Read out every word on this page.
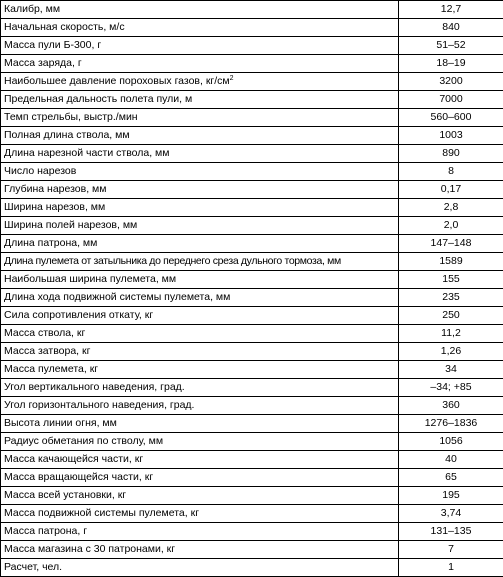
Калибр, мм	12,7
Начальная скорость, м/с	840
Масса пули Б-300, г	51–52
Масса заряда, г	18–19
Наибольшее давление пороховых газов, $кг/см^2$	3200
Предельная дальность полета пули, м	7000
Темп стрельбы, выстр./мин	560–600
Полная длина ствола, мм	1003
Длина нарезной части ствола, мм	890
Число нарезов	8
Глубина нарезов, мм	0,17
Ширина нарезов, мм	2,8
Ширина полей нарезов, мм	2,0
Длина патрона, мм	147–148
Длина пулемета от затыльника до переднего среза дульного тормоза, мм	1589
Наибольшая ширина пулемета, мм	155
Длина хода подвижной системы пулемета, мм	235
Сила сопротивления откату, кг	250
Масса ствола, кг	11,2
Масса затвора, кг	1,26
Масса пулемета, кг	34
Угол вертикального наведения, град.	–34; +85
Угол горизонтального наведения, град.	360
Высота линии огня, мм	1276–1836
Радиус обметания по стволу, мм	1056
Масса качающейся части, кг	40
Масса вращающейся части, кг	65
Масса всей установки, кг	195
Масса подвижной системы пулемета, кг	3,74
Масса патрона, г	131–135
Масса магазина с 30 патронами, кг	7
Расчет, чел.	1
